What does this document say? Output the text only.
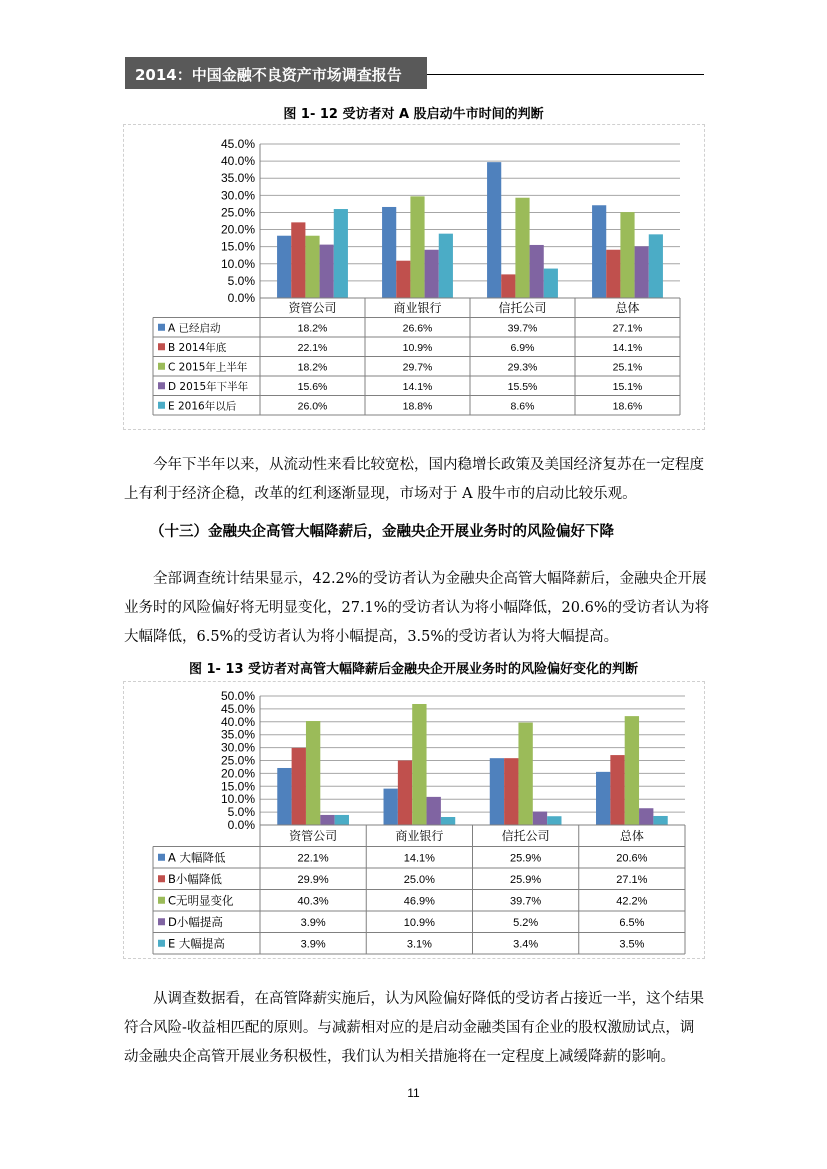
2014：中国金融不良资产市场调查报告
图 1- 12 受访者对 A 股启动牛市时间的判断
0.0%
5.0%
10.0%
15.0%
20.0%
25.0%
30.0%
35.0%
40.0%
45.0%
资管公司	商业银行	信托公司	总体
A 已经启动	18.2%	26.6%	39.7%	27.1%
B 2014年底	22.1%	10.9%	6.9%	14.1%
C 2015年上半年	18.2%	29.7%	29.3%	25.1%
D 2015年下半年	15.6%	14.1%	15.5%	15.1%
E 2016年以后	26.0%	18.8%	8.6%	18.6%

今年下半年以来，从流动性来看比较宽松，国内稳增长政策及美国经济复苏在一定程度
上有利于经济企稳，改革的红利逐渐显现，市场对于 A 股牛市的启动比较乐观。

（十三）金融央企高管大幅降薪后，金融央企开展业务时的风险偏好下降

全部调查统计结果显示，42.2%的受访者认为金融央企高管大幅降薪后，金融央企开展
业务时的风险偏好将无明显变化，27.1%的受访者认为将小幅降低，20.6%的受访者认为将
大幅降低，6.5%的受访者认为将小幅提高，3.5%的受访者认为将大幅提高。

图 1- 13 受访者对高管大幅降薪后金融央企开展业务时的风险偏好变化的判断
0.0%
5.0%
10.0%
15.0%
20.0%
25.0%
30.0%
35.0%
40.0%
45.0%
50.0%
资管公司	商业银行	信托公司	总体
A 大幅降低	22.1%	14.1%	25.9%	20.6%
B小幅降低	29.9%	25.0%	25.9%	27.1%
C无明显变化	40.3%	46.9%	39.7%	42.2%
D小幅提高	3.9%	10.9%	5.2%	6.5%
E 大幅提高	3.9%	3.1%	3.4%	3.5%

从调查数据看，在高管降薪实施后，认为风险偏好降低的受访者占接近一半，这个结果
符合风险-收益相匹配的原则。与减薪相对应的是启动金融类国有企业的股权激励试点，调
动金融央企高管开展业务积极性，我们认为相关措施将在一定程度上减缓降薪的影响。

11
